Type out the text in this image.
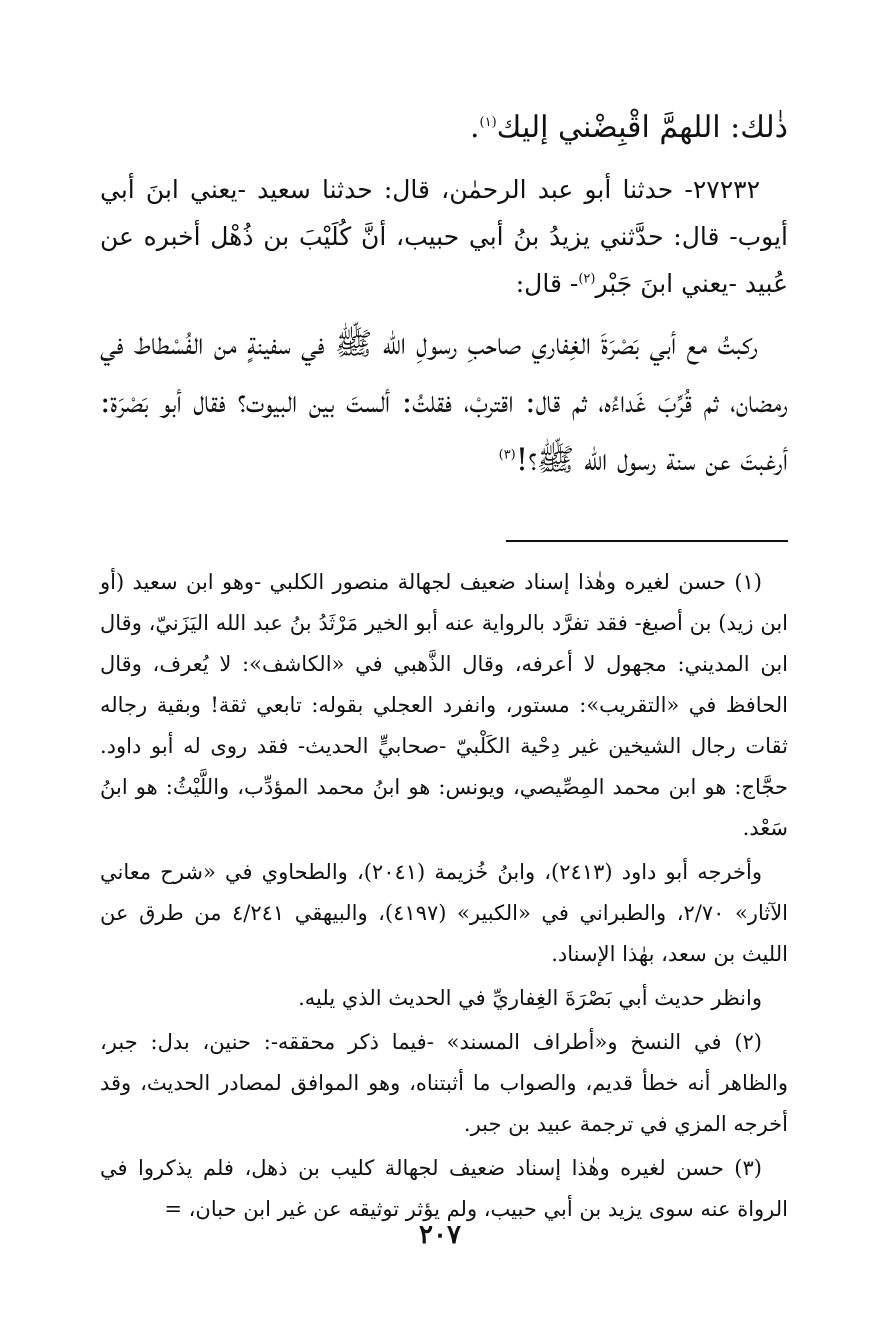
ذٰلك: اللهمَّ اقْبِضْني إليك$^{(١)}$.

٢٧٢٣٢- حدثنا أبو عبد الرحمٰن، قال: حدثنا سعيد -يعني ابنَ أبي أيوب- قال: حدَّثني يزيدُ بنُ أبي حبيب، أنَّ كُلَيْبَ بن ذُهْل أخبره عن عُبيد -يعني ابنَ جَبْر$^{(٢)}$- قال:

ركبتُ مع أبي بَصْرَةَ الغِفاري صاحبِ رسولِ الله ﷺ في سفينةٍ من الفُسْطاط في رمضان، ثم قُرِّبَ غَداءُه، ثم قال: اقتربْ، فقلتُ: ألستَ بين البيوت؟ فقال أبو بَصْرَة: أرغبتَ عن سنة رسول الله ﷺ؟!$^{(٣)}$

(١) حسن لغيره وهٰذا إسناد ضعيف لجهالة منصور الكلبي -وهو ابن سعيد (أو ابن زيد) بن أصبغ- فقد تفرَّد بالرواية عنه أبو الخير مَرْثَدُ بنُ عبد الله اليَزَنيّ، وقال ابن المديني: مجهول لا أعرفه، وقال الذَّهبي في «الكاشف»: لا يُعرف، وقال الحافظ في «التقريب»: مستور، وانفرد العجلي بقوله: تابعي ثقة! وبقية رجاله ثقات رجال الشيخين غير دِحْية الكَلْبيّ -صحابيٍّ الحديث- فقد روى له أبو داود. حجَّاج: هو ابن محمد المِصِّيصي، ويونس: هو ابنُ محمد المؤدِّب، واللَّيْثُ: هو ابنُ سَعْد.

وأخرجه أبو داود (٢٤١٣)، وابنُ خُزيمة (٢٠٤١)، والطحاوي في «شرح معاني الآثار» ٢/٧٠، والطبراني في «الكبير» (٤١٩٧)، والبيهقي ٤/٢٤١ من طرق عن الليث بن سعد، بهٰذا الإسناد.

وانظر حديث أبي بَصْرَةَ الغِفاريِّ في الحديث الذي يليه.

(٢) في النسخ و«أطراف المسند» -فيما ذكر محققه-: حنين، بدل: جبر، والظاهر أنه خطأ قديم، والصواب ما أثبتناه، وهو الموافق لمصادر الحديث، وقد أخرجه المزي في ترجمة عبيد بن جبر.

(٣) حسن لغيره وهٰذا إسناد ضعيف لجهالة كليب بن ذهل، فلم يذكروا في الرواة عنه سوى يزيد بن أبي حبيب، ولم يؤثر توثيقه عن غير ابن حبان، =

٢٠٧
